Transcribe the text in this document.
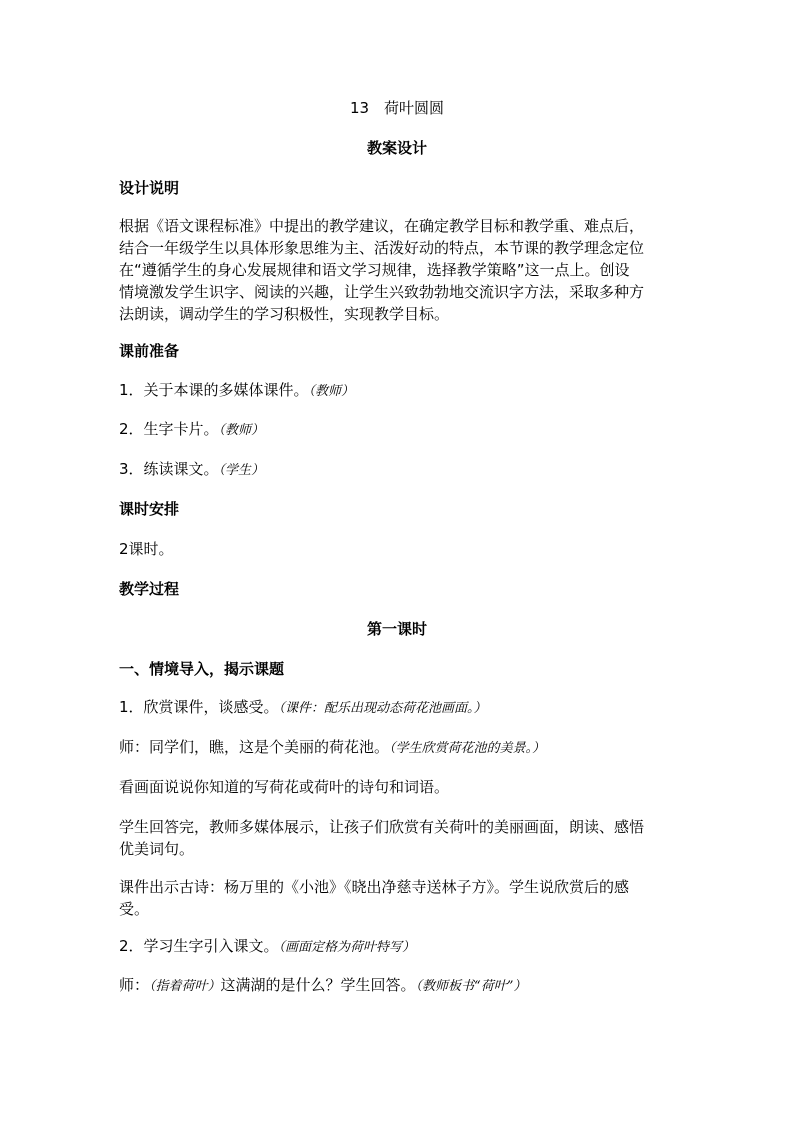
13　荷叶圆圆
教案设计
设计说明

根据《语文课程标准》中提出的教学建议，在确定教学目标和教学重、难点后，

结合一年级学生以具体形象思维为主、活泼好动的特点，本节课的教学理念定位

在“遵循学生的身心发展规律和语文学习规律，选择教学策略”这一点上。创设

情境激发学生识字、阅读的兴趣，让学生兴致勃勃地交流识字方法，采取多种方

法朗读，调动学生的学习积极性，实现教学目标。

课前准备
1．关于本课的多媒体课件。（教师）
2．生字卡片。（教师）
3．练读课文。（学生）
课时安排
2课时。
教学过程
第一课时
一、情境导入，揭示课题
1．欣赏课件，谈感受。（课件：配乐出现动态荷花池画面。）
师：同学们，瞧，这是个美丽的荷花池。（学生欣赏荷花池的美景。）
看画面说说你知道的写荷花或荷叶的诗句和词语。

学生回答完，教师多媒体展示，让孩子们欣赏有关荷叶的美丽画面，朗读、感悟

优美词句。

课件出示古诗：杨万里的《小池》《晓出净慈寺送林子方》。学生说欣赏后的感

受。

2．学习生字引入课文。（画面定格为荷叶特写）
师：（指着荷叶）这满湖的是什么？学生回答。（教师板书“荷叶”）
